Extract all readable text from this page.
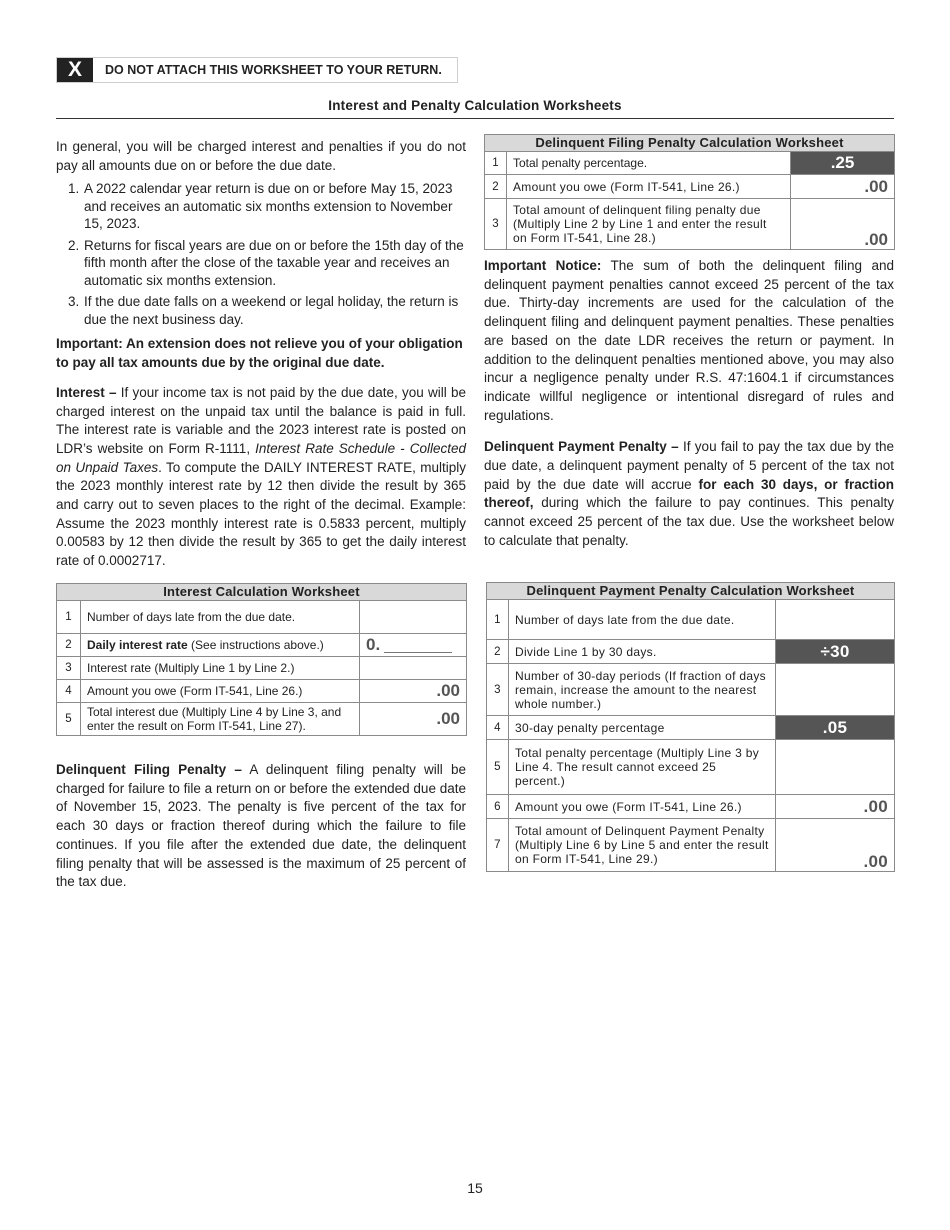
X	DO NOT ATTACH THIS WORKSHEET TO YOUR RETURN.
Interest and Penalty Calculation Worksheets

In general, you will be charged interest and penalties if you do not pay all amounts due on or before the due date.

1. A 2022 calendar year return is due on or before May 15, 2023 and receives an automatic six months extension to November 15, 2023.
2. Returns for fiscal years are due on or before the 15th day of the fifth month after the close of the taxable year and receives an automatic six months extension.
3. If the due date falls on a weekend or legal holiday, the return is due the next business day.

Important: An extension does not relieve you of your obligation to pay all tax amounts due by the original due date.

Interest – If your income tax is not paid by the due date, you will be charged interest on the unpaid tax until the balance is paid in full. The interest rate is variable and the 2023 interest rate is posted on LDR’s website on Form R-1111, Interest Rate Schedule - Collected on Unpaid Taxes. To compute the DAILY INTEREST RATE, multiply the 2023 monthly interest rate by 12 then divide the result by 365 and carry out to seven places to the right of the decimal. Example: Assume the 2023 monthly interest rate is 0.5833 percent, multiply 0.00583 by 12 then divide the result by 365 to get the daily interest rate of 0.0002717.

Interest Calculation Worksheet		
1	Number of days late from the due date.	
2	Daily interest rate (See instructions above.)	0.
3	Interest rate (Multiply Line 1 by Line 2.)	
4	Amount you owe (Form IT-541, Line 26.)	.00
5	Total interest due (Multiply Line 4 by Line 3, and enter the result on Form IT-541, Line 27).	.00

Delinquent Filing Penalty – A delinquent filing penalty will be charged for failure to file a return on or before the extended due date of November 15, 2023. The penalty is five percent of the tax for each 30 days or fraction thereof during which the failure to file continues. If you file after the extended due date, the delinquent filing penalty that will be assessed is the maximum of 25 percent of the tax due.

Delinquent Filing Penalty Calculation Worksheet		
1	Total penalty percentage.	.25
2	Amount you owe (Form IT-541, Line 26.)	.00
3	Total amount of delinquent filing penalty due (Multiply Line 2 by Line 1 and enter the result on Form IT-541, Line 28.)	.00

Important Notice: The sum of both the delinquent filing and delinquent payment penalties cannot exceed 25 percent of the tax due. Thirty-day increments are used for the calculation of the delinquent filing and delinquent payment penalties. These penalties are based on the date LDR receives the return or payment. In addition to the delinquent penalties mentioned above, you may also incur a negligence penalty under R.S. 47:1604.1 if circumstances indicate willful negligence or intentional disregard of rules and regulations.

Delinquent Payment Penalty – If you fail to pay the tax due by the due date, a delinquent payment penalty of 5 percent of the tax not paid by the due date will accrue for each 30 days, or fraction thereof, during which the failure to pay continues. This penalty cannot exceed 25 percent of the tax due. Use the worksheet below to calculate that penalty.

Delinquent Payment Penalty Calculation Worksheet		
1	Number of days late from the due date.	
2	Divide Line 1 by 30 days.	÷30
3	Number of 30-day periods (If fraction of days remain, increase the amount to the nearest whole number.)	
4	30-day penalty percentage	.05
5	Total penalty percentage (Multiply Line 3 by Line 4. The result cannot exceed 25 percent.)	
6	Amount you owe (Form IT-541, Line 26.)	.00
7	Total amount of Delinquent Payment Penalty (Multiply Line 6 by Line 5 and enter the result on Form IT-541, Line 29.)	.00
15
